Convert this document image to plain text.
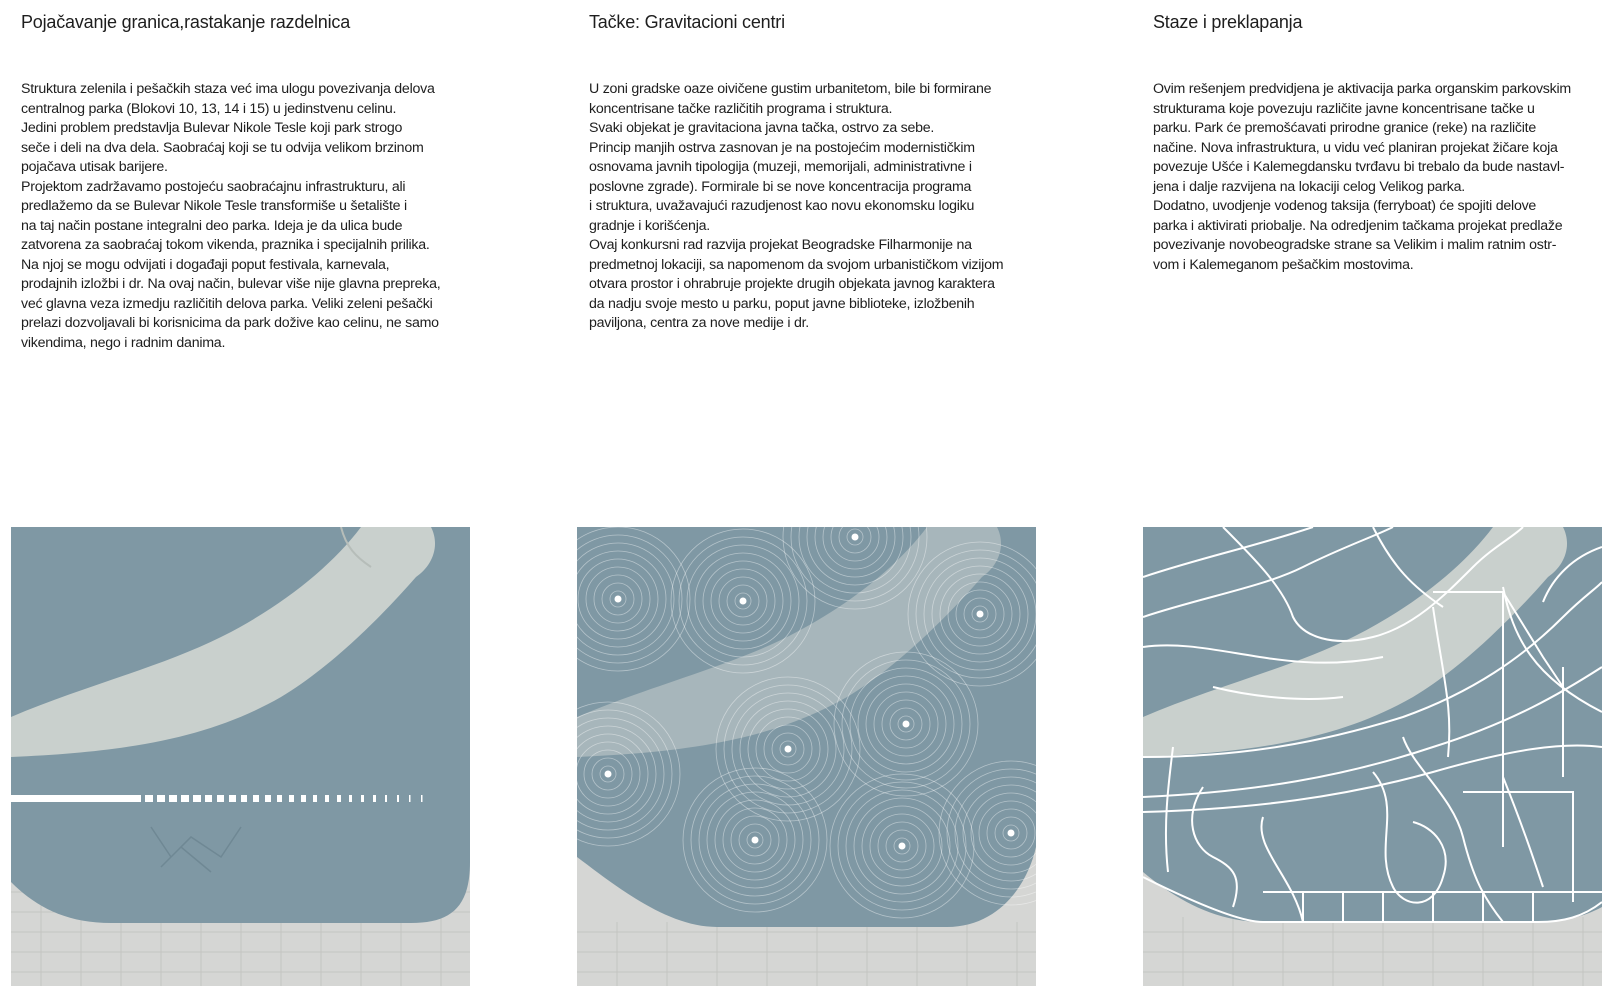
Pojačavanje granica,rastakanje razdelnica
Struktura zelenila i pešačkih staza već ima ulogu povezivanja delova
centralnog parka (Blokovi 10, 13, 14 i 15) u jedinstvenu celinu.
Jedini problem predstavlja Bulevar Nikole Tesle koji park strogo
seče i deli na dva dela. Saobraćaj koji se tu odvija velikom brzinom
pojačava utisak barijere.
Projektom zadržavamo postojeću saobraćajnu infrastrukturu, ali
predlažemo da se Bulevar Nikole Tesle transformiše u šetalište i
na taj način postane integralni deo parka. Ideja je da ulica bude
zatvorena za saobraćaj tokom vikenda, praznika i specijalnih prilika.
Na njoj se mogu odvijati i događaji poput festivala, karnevala,
prodajnih izložbi i dr. Na ovaj način, bulevar više nije glavna prepreka,
već glavna veza izmedju različitih delova parka. Veliki zeleni pešački
prelazi dozvoljavali bi korisnicima da park dožive kao celinu, ne samo
vikendima, nego i radnim danima.
Tačke: Gravitacioni centri
U zoni gradske oaze oivičene gustim urbanitetom, bile bi formirane
koncentrisane tačke različitih programa i struktura.
Svaki objekat je gravitaciona javna tačka, ostrvo za sebe.
Princip manjih ostrva zasnovan je na postojećim modernističkim
osnovama javnih tipologija (muzeji, memorijali, administrativne i
poslovne zgrade). Formirale bi se nove koncentracija programa
i struktura, uvažavajući razudjenost kao novu ekonomsku logiku
gradnje i korišćenja.
Ovaj konkursni rad razvija projekat Beogradske Filharmonije na
predmetnoj lokaciji, sa napomenom da svojom urbanističkom vizijom
otvara prostor i ohrabruje projekte drugih objekata javnog karaktera
da nadju svoje mesto u parku, poput javne biblioteke, izložbenih
paviljona, centra za nove medije i dr.
Staze i preklapanja
Ovim rešenjem predvidjena je aktivacija parka organskim parkovskim
strukturama koje povezuju različite javne koncentrisane tačke u
parku. Park će premošćavati prirodne granice (reke) na različite
načine. Nova infrastruktura, u vidu već planiran projekat žičare koja
povezuje Ušće i Kalemegdansku tvrđavu bi trebalo da bude nastavl-
jena i dalje razvijena na lokaciji celog Velikog parka.
Dodatno, uvodjenje vodenog taksija (ferryboat) će spojiti delove
parka i aktivirati priobalje. Na odredjenim tačkama projekat predlaže
povezivanje novobeogradske strane sa Velikim i malim ratnim ostr-
vom i Kalemeganom pešačkim mostovima.
